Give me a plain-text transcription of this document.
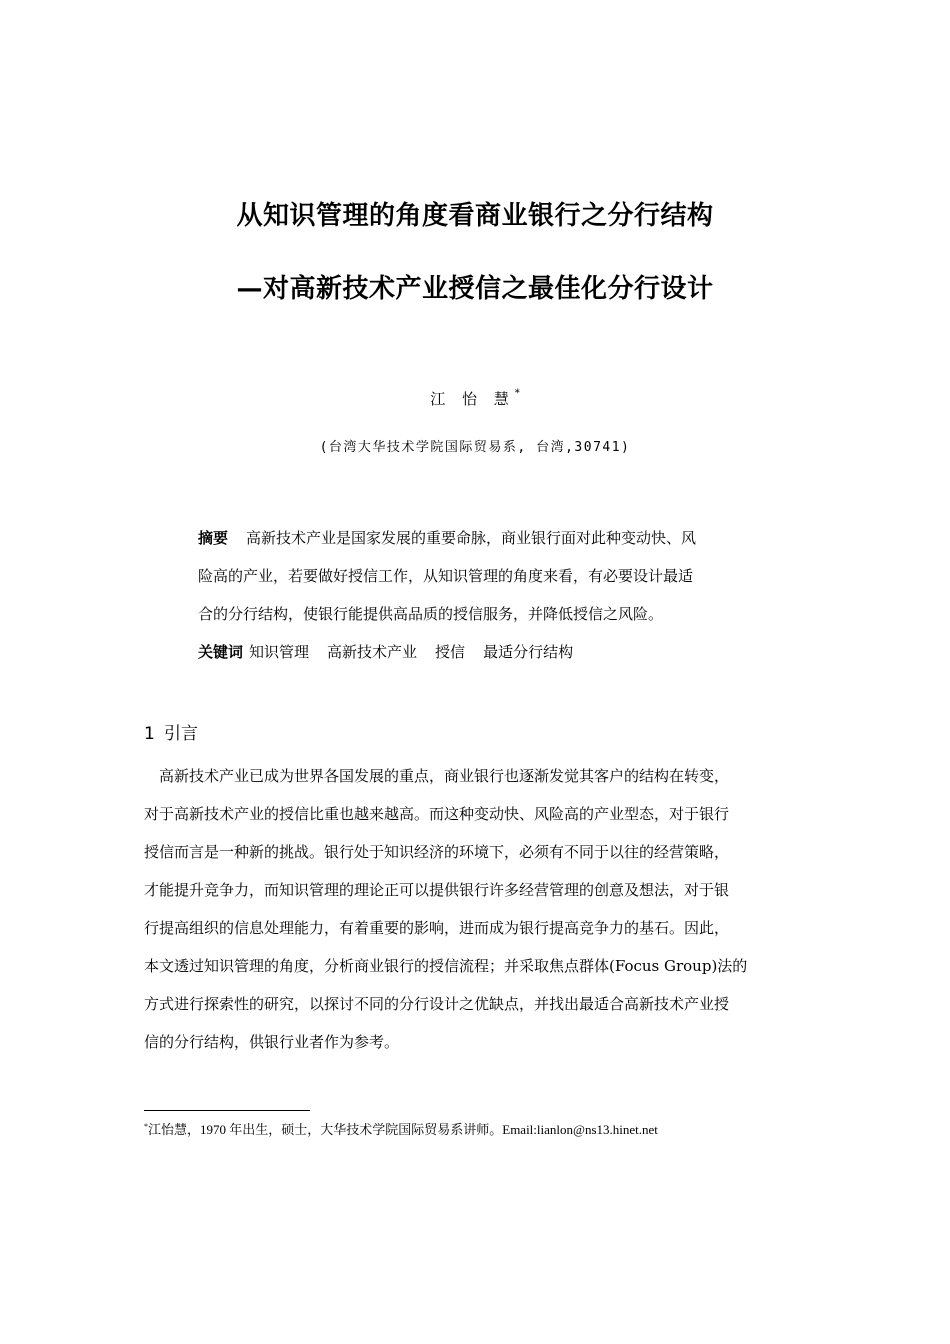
从知识管理的角度看商业银行之分行结构
—对高新技术产业授信之最佳化分行设计
江 怡 慧*
(台湾大华技术学院国际贸易系, 台湾,30741)
摘要 高新技术产业是国家发展的重要命脉，商业银行面对此种变动快、风
险高的产业，若要做好授信工作，从知识管理的角度来看，有必要设计最适
合的分行结构，使银行能提供高品质的授信服务，并降低授信之风险。
关键词 知识管理 高新技术产业 授信 最适分行结构
1 引言
　高新技术产业已成为世界各国发展的重点，商业银行也逐渐发觉其客户的结构在转变，
对于高新技术产业的授信比重也越来越高。而这种变动快、风险高的产业型态，对于银行
授信而言是一种新的挑战。银行处于知识经济的环境下，必须有不同于以往的经营策略，
才能提升竞争力，而知识管理的理论正可以提供银行许多经营管理的创意及想法，对于银
行提高组织的信息处理能力，有着重要的影响，进而成为银行提高竞争力的基石。因此，
本文透过知识管理的角度，分析商业银行的授信流程；并采取焦点群体(Focus Group)法的
方式进行探索性的研究，以探讨不同的分行设计之优缺点，并找出最适合高新技术产业授
信的分行结构，供银行业者作为参考。
*江怡慧，1970 年出生，硕士，大华技术学院国际贸易系讲师。Email:lianlon@ns13.hinet.net
